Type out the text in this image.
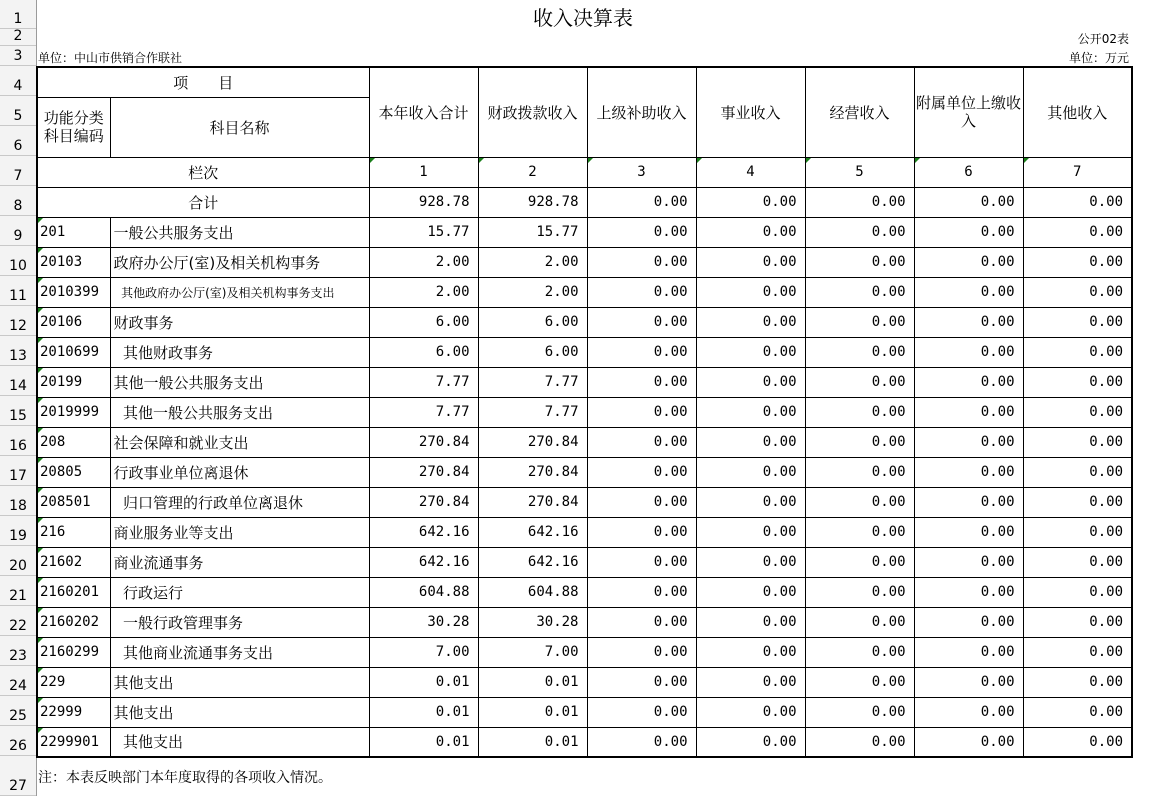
1
2
3
4
5
6
7
8
9
10
11
12
13
14
15
16
17
18
19
20
21
22
23
24
25
26
27
收入决算表
公开02表
单位：中山市供销合作联社	单位：万元
项　　目		本年收入合计	财政拨款收入	上级补助收入	事业收入	经营收入	附属单位上缴收入	其他收入
功能分类科目编码	科目名称							

栏次		1	2	3	4	5	6	7
合计		928.78	928.78	0.00	0.00	0.00	0.00	0.00

201	一般公共服务支出	15.77	15.77	0.00	0.00	0.00	0.00	0.00

20103	政府办公厅(室)及相关机构事务	2.00	2.00	0.00	0.00	0.00	0.00	0.00

2010399	其他政府办公厅(室)及相关机构事务支出	2.00	2.00	0.00	0.00	0.00	0.00	0.00

20106	财政事务	6.00	6.00	0.00	0.00	0.00	0.00	0.00

2010699	其他财政事务	6.00	6.00	0.00	0.00	0.00	0.00	0.00

20199	其他一般公共服务支出	7.77	7.77	0.00	0.00	0.00	0.00	0.00

2019999	其他一般公共服务支出	7.77	7.77	0.00	0.00	0.00	0.00	0.00

208	社会保障和就业支出	270.84	270.84	0.00	0.00	0.00	0.00	0.00

20805	行政事业单位离退休	270.84	270.84	0.00	0.00	0.00	0.00	0.00

208501	归口管理的行政单位离退休	270.84	270.84	0.00	0.00	0.00	0.00	0.00

216	商业服务业等支出	642.16	642.16	0.00	0.00	0.00	0.00	0.00

21602	商业流通事务	642.16	642.16	0.00	0.00	0.00	0.00	0.00

2160201	行政运行	604.88	604.88	0.00	0.00	0.00	0.00	0.00

2160202	一般行政管理事务	30.28	30.28	0.00	0.00	0.00	0.00	0.00

2160299	其他商业流通事务支出	7.00	7.00	0.00	0.00	0.00	0.00	0.00

229	其他支出	0.01	0.01	0.00	0.00	0.00	0.00	0.00

22999	其他支出	0.01	0.01	0.00	0.00	0.00	0.00	0.00

2299901	其他支出	0.01	0.01	0.00	0.00	0.00	0.00	0.00
注：本表反映部门本年度取得的各项收入情况。
